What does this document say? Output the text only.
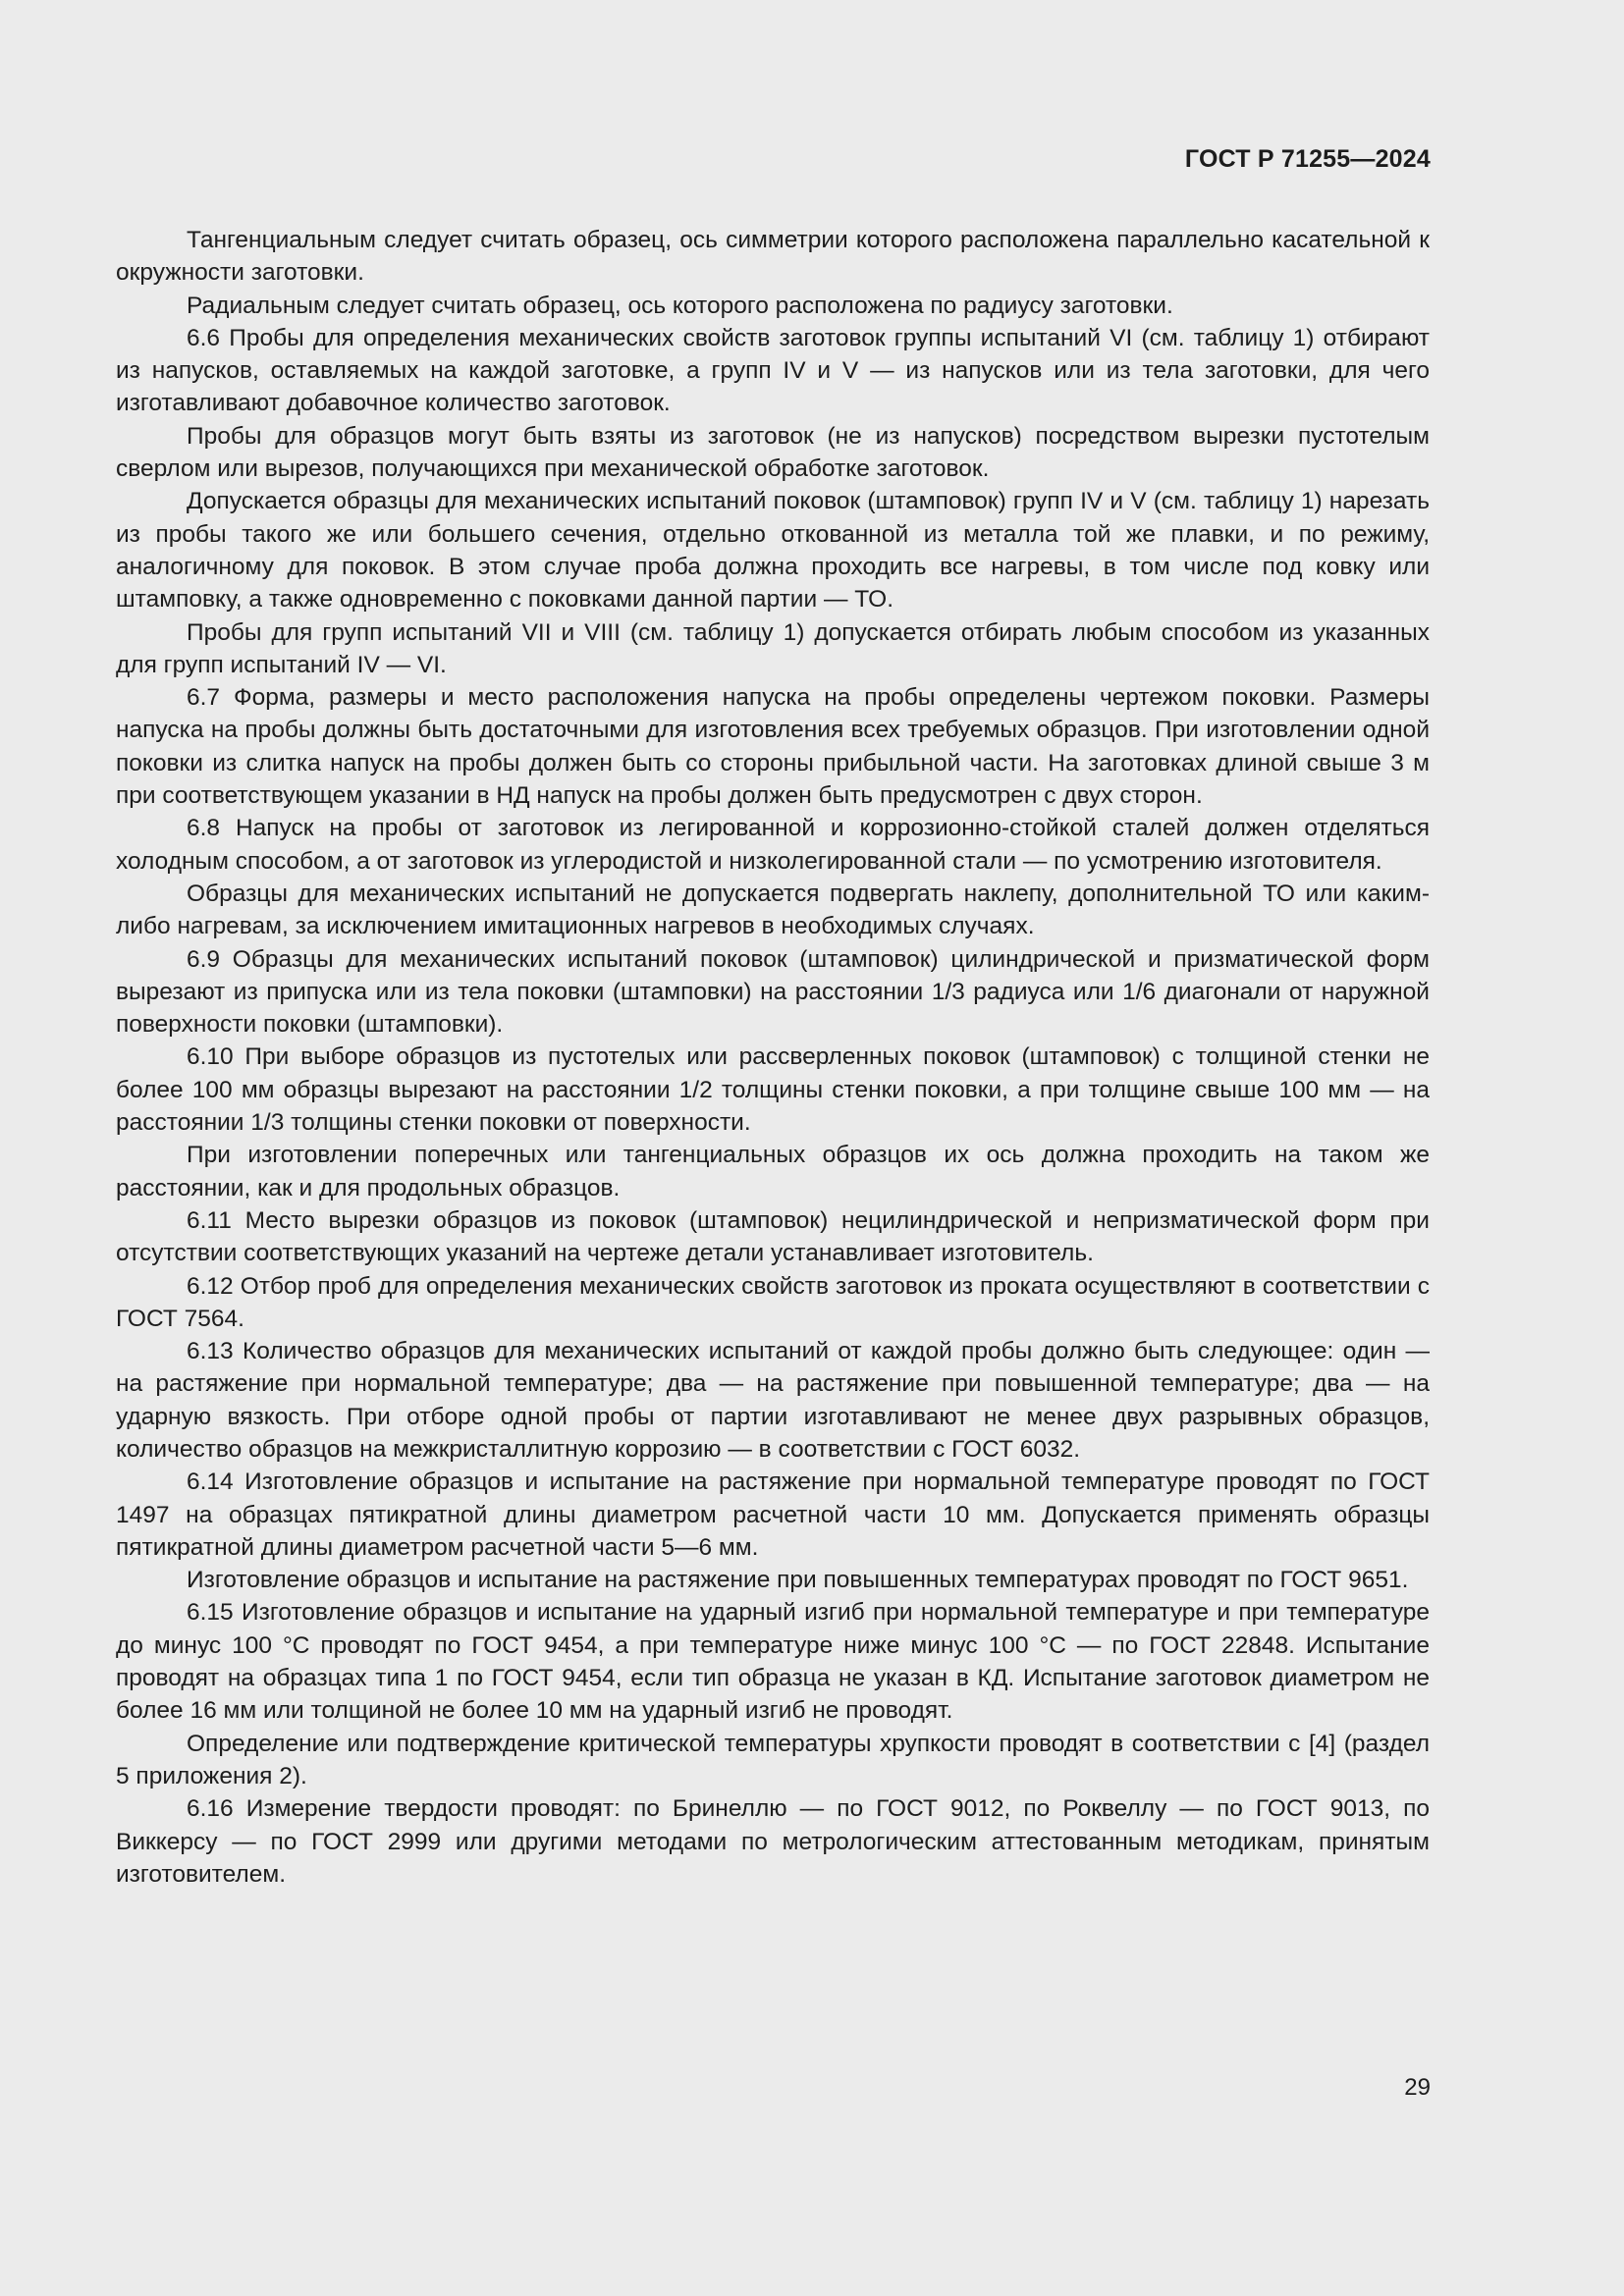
ГОСТ Р 71255—2024

Тангенциальным следует считать образец, ось симметрии которого расположена параллельно касательной к окружности заготовки.

Радиальным следует считать образец, ось которого расположена по радиусу заготовки.

6.6 Пробы для определения механических свойств заготовок группы испытаний VI (см. таблицу 1) отбирают из напусков, оставляемых на каждой заготовке, а групп IV и V — из напусков или из тела заготовки, для чего изготавливают добавочное количество заготовок.

Пробы для образцов могут быть взяты из заготовок (не из напусков) посредством вырезки пустотелым сверлом или вырезов, получающихся при механической обработке заготовок.

Допускается образцы для механических испытаний поковок (штамповок) групп IV и V (см. таблицу 1) нарезать из пробы такого же или большего сечения, отдельно откованной из металла той же плавки, и по режиму, аналогичному для поковок. В этом случае проба должна проходить все нагревы, в том числе под ковку или штамповку, а также одновременно с поковками данной партии — ТО.

Пробы для групп испытаний VII и VIII (см. таблицу 1) допускается отбирать любым способом из указанных для групп испытаний IV — VI.

6.7 Форма, размеры и место расположения напуска на пробы определены чертежом поковки. Размеры напуска на пробы должны быть достаточными для изготовления всех требуемых образцов. При изготовлении одной поковки из слитка напуск на пробы должен быть со стороны прибыльной части. На заготовках длиной свыше 3 м при соответствующем указании в НД напуск на пробы должен быть предусмотрен с двух сторон.

6.8 Напуск на пробы от заготовок из легированной и коррозионно-стойкой сталей должен отделяться холодным способом, а от заготовок из углеродистой и низколегированной стали — по усмотрению изготовителя.

Образцы для механических испытаний не допускается подвергать наклепу, дополнительной ТО или каким-либо нагревам, за исключением имитационных нагревов в необходимых случаях.

6.9 Образцы для механических испытаний поковок (штамповок) цилиндрической и призматической форм вырезают из припуска или из тела поковки (штамповки) на расстоянии 1/3 радиуса или 1/6 диагонали от наружной поверхности поковки (штамповки).

6.10 При выборе образцов из пустотелых или рассверленных поковок (штамповок) с толщиной стенки не более 100 мм образцы вырезают на расстоянии 1/2 толщины стенки поковки, а при толщине свыше 100 мм — на расстоянии 1/3 толщины стенки поковки от поверхности.

При изготовлении поперечных или тангенциальных образцов их ось должна проходить на таком же расстоянии, как и для продольных образцов.

6.11 Место вырезки образцов из поковок (штамповок) нецилиндрической и непризматической форм при отсутствии соответствующих указаний на чертеже детали устанавливает изготовитель.

6.12 Отбор проб для определения механических свойств заготовок из проката осуществляют в соответствии с ГОСТ 7564.

6.13 Количество образцов для механических испытаний от каждой пробы должно быть следующее: один — на растяжение при нормальной температуре; два — на растяжение при повышенной температуре; два — на ударную вязкость. При отборе одной пробы от партии изготавливают не менее двух разрывных образцов, количество образцов на межкристаллитную коррозию — в соответствии с ГОСТ 6032.

6.14 Изготовление образцов и испытание на растяжение при нормальной температуре проводят по ГОСТ 1497 на образцах пятикратной длины диаметром расчетной части 10 мм. Допускается применять образцы пятикратной длины диаметром расчетной части 5—6 мм.

Изготовление образцов и испытание на растяжение при повышенных температурах проводят по ГОСТ 9651.

6.15 Изготовление образцов и испытание на ударный изгиб при нормальной температуре и при температуре до минус 100 °С проводят по ГОСТ 9454, а при температуре ниже минус 100 °С — по ГОСТ 22848. Испытание проводят на образцах типа 1 по ГОСТ 9454, если тип образца не указан в КД. Испытание заготовок диаметром не более 16 мм или толщиной не более 10 мм на ударный изгиб не проводят.

Определение или подтверждение критической температуры хрупкости проводят в соответствии с [4] (раздел 5 приложения 2).

6.16 Измерение твердости проводят: по Бринеллю — по ГОСТ 9012, по Роквеллу — по ГОСТ 9013, по Виккерсу — по ГОСТ 2999 или другими методами по метрологическим аттестованным методикам, принятым изготовителем.

29
